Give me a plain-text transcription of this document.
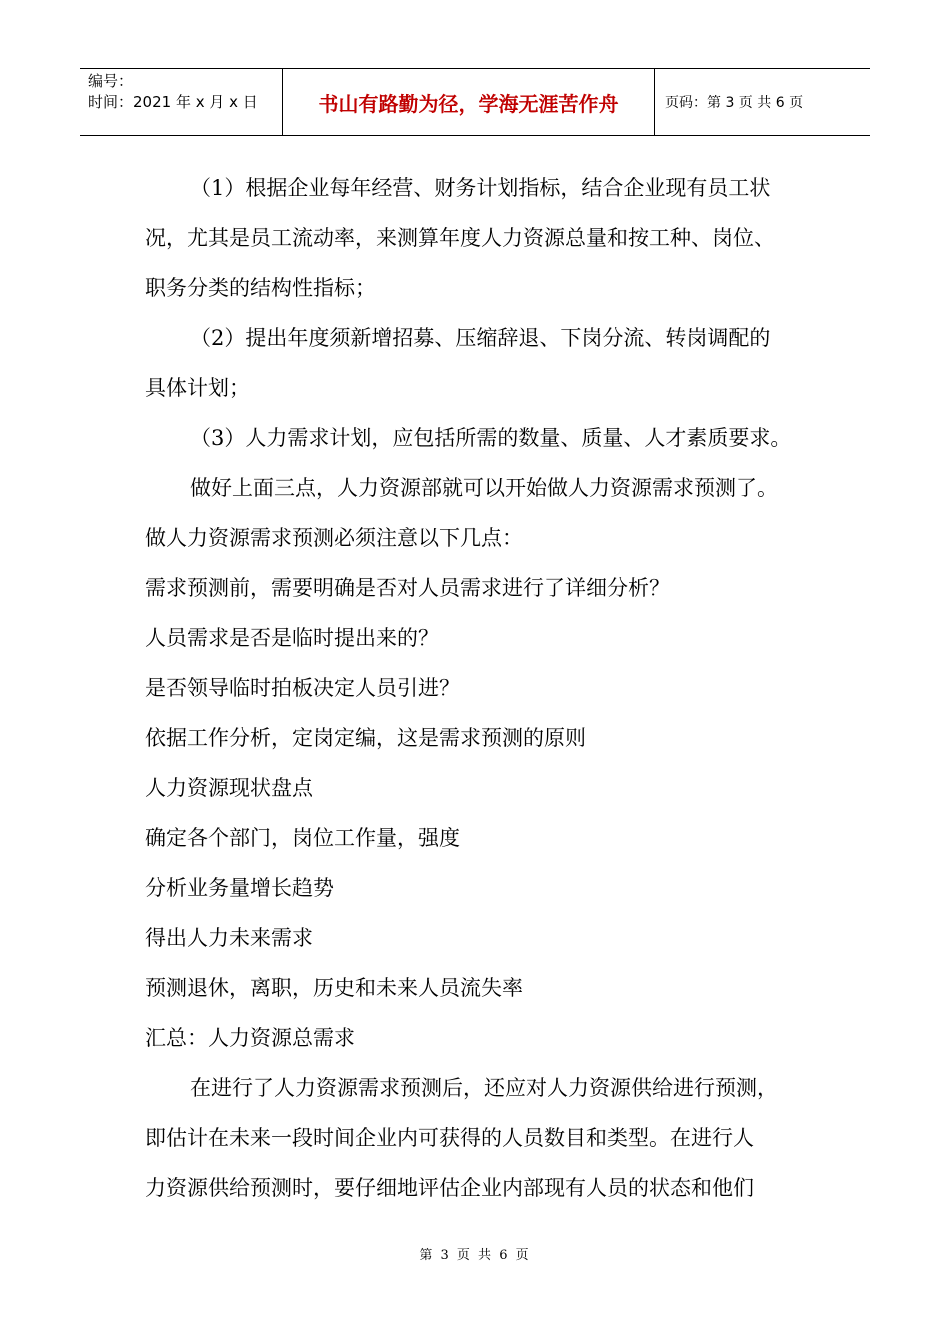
编号：
时间：2021 年 x 月 x 日	书山有路勤为径，学海无涯苦作舟	页码：第 3 页 共 6 页

（1）根据企业每年经营、财务计划指标，结合企业现有员工状

况，尤其是员工流动率，来测算年度人力资源总量和按工种、岗位、

职务分类的结构性指标；

（2）提出年度须新增招募、压缩辞退、下岗分流、转岗调配的

具体计划；

（3）人力需求计划，应包括所需的数量、质量、人才素质要求。

做好上面三点，人力资源部就可以开始做人力资源需求预测了。

做人力资源需求预测必须注意以下几点：

需求预测前，需要明确是否对人员需求进行了详细分析？

人员需求是否是临时提出来的？

是否领导临时拍板决定人员引进？

依据工作分析，定岗定编，这是需求预测的原则

人力资源现状盘点

确定各个部门，岗位工作量，强度

分析业务量增长趋势

得出人力未来需求

预测退休，离职，历史和未来人员流失率

汇总：人力资源总需求

在进行了人力资源需求预测后，还应对人力资源供给进行预测，

即估计在未来一段时间企业内可获得的人员数目和类型。在进行人

力资源供给预测时，要仔细地评估企业内部现有人员的状态和他们

第 3 页 共 6 页
